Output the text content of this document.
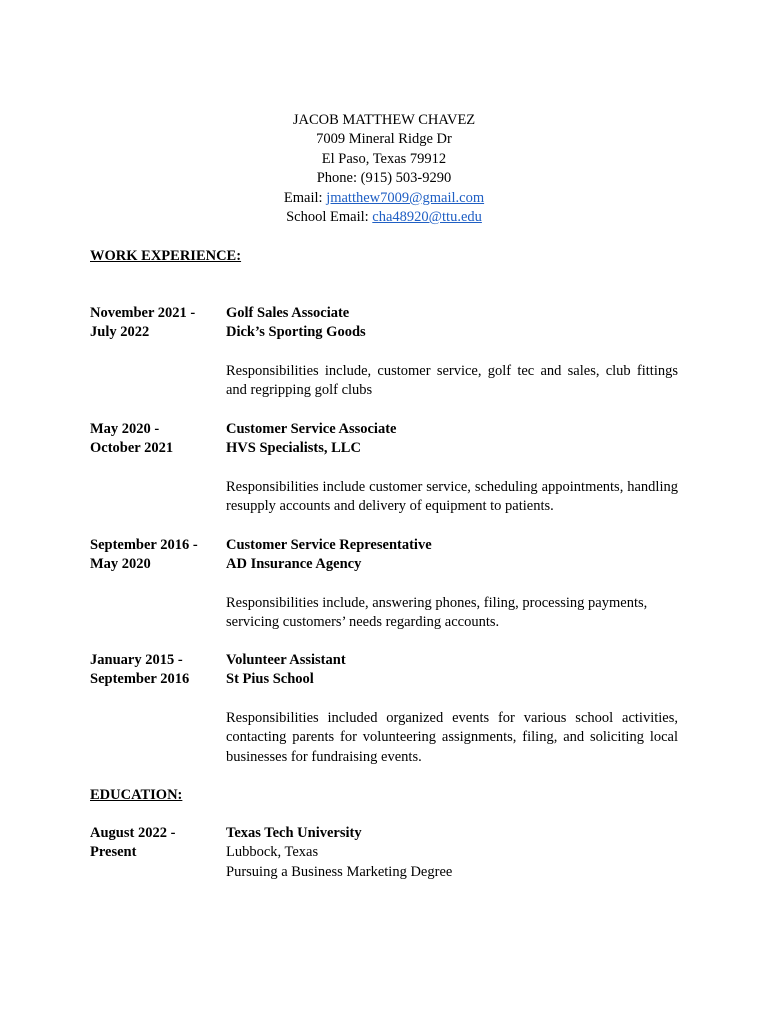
JACOB MATTHEW CHAVEZ
7009 Mineral Ridge Dr
El Paso, Texas 79912
Phone: (915) 503-9290
Email: jmatthew7009@gmail.com
School Email: cha48920@ttu.edu
WORK EXPERIENCE:
November 2021 -
July 2022
Golf Sales Associate
Dick’s Sporting Goods
Responsibilities include, customer service, golf tec and sales, club fittings and regripping golf clubs
May 2020 -
October 2021
Customer Service Associate
HVS Specialists, LLC
Responsibilities include customer service, scheduling appointments, handling resupply accounts and delivery of equipment to patients.
September 2016 -
May 2020
Customer Service Representative
AD Insurance Agency
Responsibilities include, answering phones, filing, processing payments, servicing customers’ needs regarding accounts.
January 2015 -
September 2016
Volunteer Assistant
St Pius School
Responsibilities included organized events for various school activities, contacting parents for volunteering assignments, filing, and soliciting local businesses for fundraising events.
EDUCATION:
August 2022 -
Present
Texas Tech University
Lubbock, Texas
Pursuing a Business Marketing Degree
